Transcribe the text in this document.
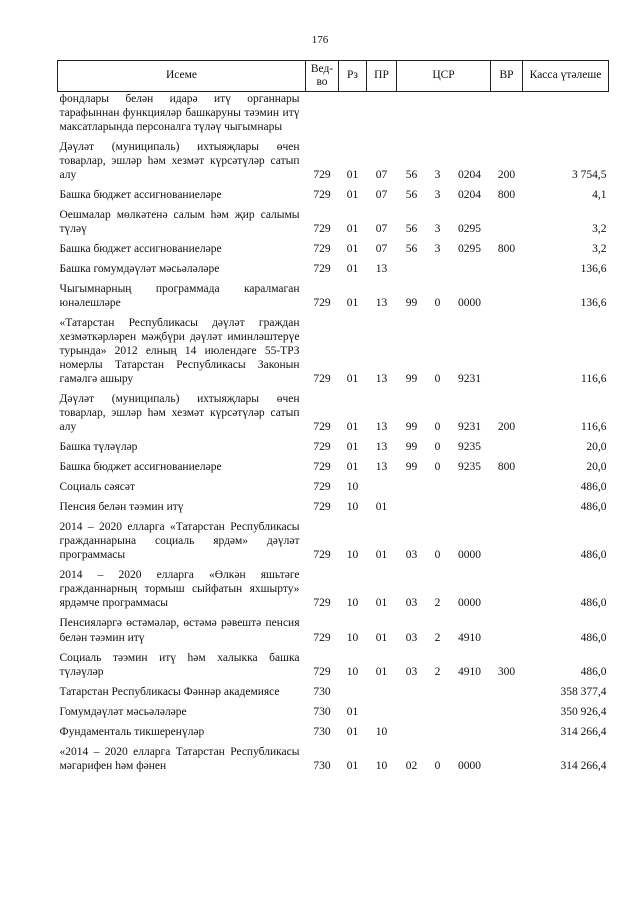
176
Исеме	Вед-во	Рз	ПР	ЦСР	ВР	Касса үтәлеше
фондлары белән идарә итү органнары тарафыннан функцияләр башкаруны тәэмин итү максатларында персоналга түләү чыгымнары				

Дәүләт (муниципаль) ихтыяҗлары өчен товарлар, эшләр һәм хезмәт күрсәтүләр сатып алу	729	01	07	56 3 0204	200	3 754,5
Башка бюджет ассигнованиеләре	729	01	07	56 3 0204	800	4,1
Оешмалар мөлкәтенә салым һәм җир салымы түләү	729	01	07	56 3 0295		3,2
Башка бюджет ассигнованиеләре	729	01	07	56 3 0295	800	3,2
Башка гомумдәүләт мәсьәләләре	729	01	13			136,6
Чыгымнарның программада каралмаган юнәлешләре	729	01	13	99 0 0000		136,6
«Татарстан Республикасы дәүләт граждан хезмәткәрләрен мәҗбүри дәүләт иминләштерүе турында» 2012 елның 14 июлендәге 55-ТРЗ номерлы Татарстан Республикасы Законын гамәлгә ашыру	729	01	13	99 0 9231		116,6
Дәүләт (муниципаль) ихтыяҗлары өчен товарлар, эшләр һәм хезмәт күрсәтүләр сатып алу	729	01	13	99 0 9231	200	116,6
Башка түләүләр	729	01	13	99 0 9235		20,0
Башка бюджет ассигнованиеләре	729	01	13	99 0 9235	800	20,0
Социаль сәясәт	729	10				486,0
Пенсия белән тәэмин итү	729	10	01			486,0
2014 – 2020 елларга «Татарстан Республикасы гражданнарына социаль ярдәм» дәүләт программасы	729	10	01	03 0 0000		486,0
2014 – 2020 елларга «Өлкән яшьтәге гражданнарның тормыш сыйфатын яхшырту» ярдәмче программасы	729	10	01	03 2 0000		486,0
Пенсияләргә өстәмәләр, өстәмә рәвештә пенсия белән тәэмин итү	729	10	01	03 2 4910		486,0
Социаль тәэмин итү һәм халыкка башка түләүләр	729	10	01	03 2 4910	300	486,0
Татарстан Республикасы Фәннәр академиясе	730					358 377,4
Гомумдәүләт мәсьәләләре	730	01				350 926,4
Фундаменталь тикшеренүләр	730	01	10			314 266,4
«2014 – 2020 елларга Татарстан Республикасы мәгарифен һәм фәнен	730	01	10	02 0 0000		314 266,4
